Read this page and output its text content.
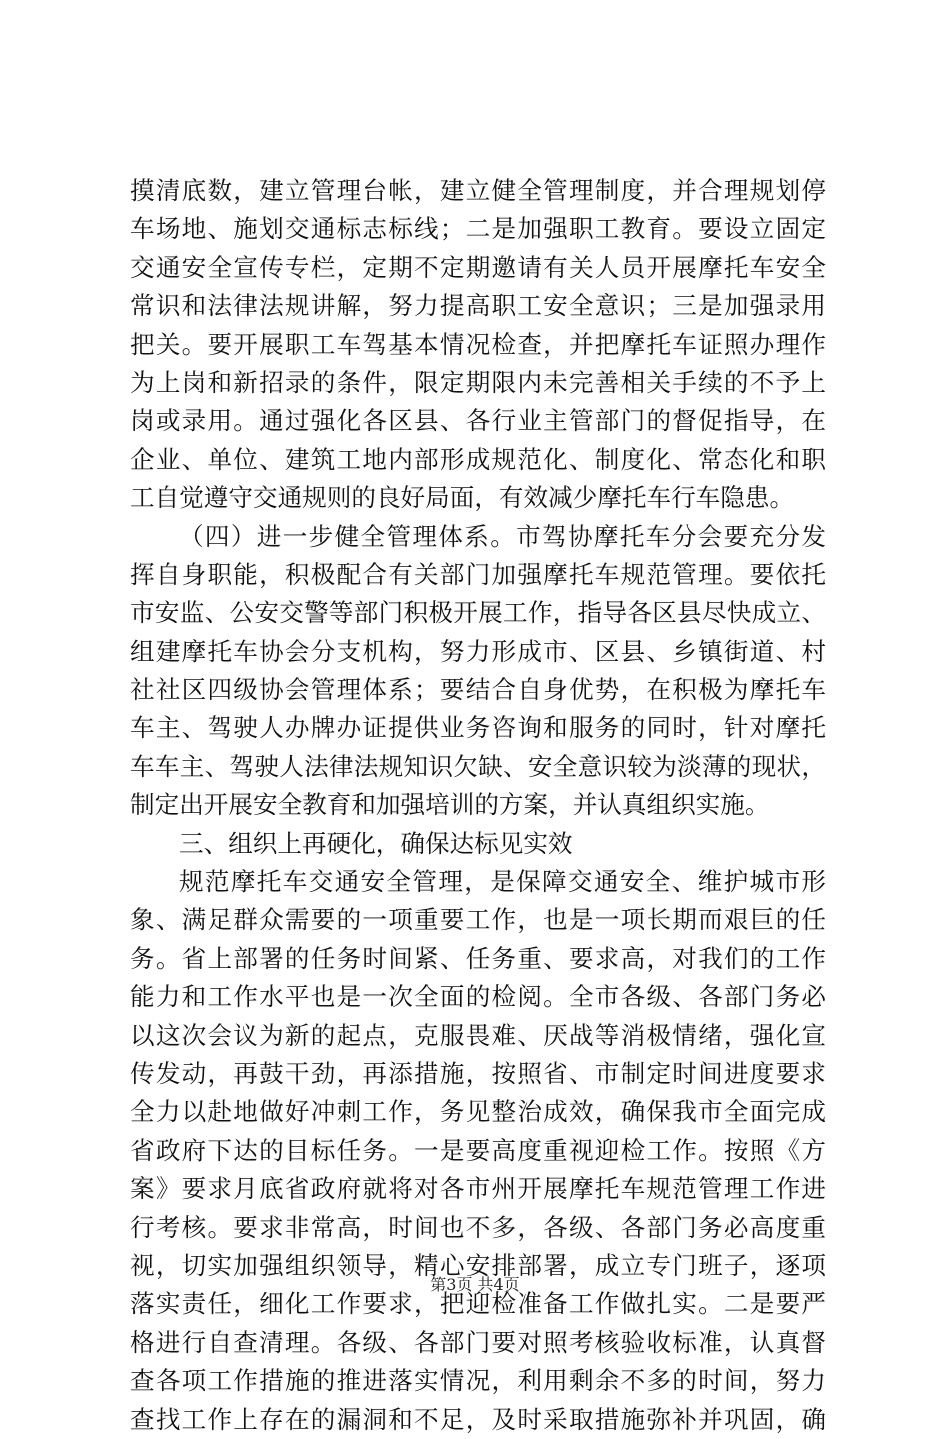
摸清底数，建立管理台帐，建立健全管理制度，并合理规划停
车场地、施划交通标志标线；二是加强职工教育。要设立固定
交通安全宣传专栏，定期不定期邀请有关人员开展摩托车安全
常识和法律法规讲解，努力提高职工安全意识；三是加强录用
把关。要开展职工车驾基本情况检查，并把摩托车证照办理作
为上岗和新招录的条件，限定期限内未完善相关手续的不予上
岗或录用。通过强化各区县、各行业主管部门的督促指导，在
企业、单位、建筑工地内部形成规范化、制度化、常态化和职
工自觉遵守交通规则的良好局面，有效减少摩托车行车隐患。
（四）进一步健全管理体系。市驾协摩托车分会要充分发
挥自身职能，积极配合有关部门加强摩托车规范管理。要依托
市安监、公安交警等部门积极开展工作，指导各区县尽快成立、
组建摩托车协会分支机构，努力形成市、区县、乡镇街道、村
社社区四级协会管理体系；要结合自身优势，在积极为摩托车
车主、驾驶人办牌办证提供业务咨询和服务的同时，针对摩托
车车主、驾驶人法律法规知识欠缺、安全意识较为淡薄的现状，
制定出开展安全教育和加强培训的方案，并认真组织实施。
三、组织上再硬化，确保达标见实效
规范摩托车交通安全管理，是保障交通安全、维护城市形
象、满足群众需要的一项重要工作，也是一项长期而艰巨的任
务。省上部署的任务时间紧、任务重、要求高，对我们的工作
能力和工作水平也是一次全面的检阅。全市各级、各部门务必
以这次会议为新的起点，克服畏难、厌战等消极情绪，强化宣
传发动，再鼓干劲，再添措施，按照省、市制定时间进度要求
全力以赴地做好冲刺工作，务见整治成效，确保我市全面完成
省政府下达的目标任务。一是要高度重视迎检工作。按照《方
案》要求月底省政府就将对各市州开展摩托车规范管理工作进
行考核。要求非常高，时间也不多，各级、各部门务必高度重
视，切实加强组织领导，精心安排部署，成立专门班子，逐项
落实责任，细化工作要求，把迎检准备工作做扎实。二是要严
格进行自查清理。各级、各部门要对照考核验收标准，认真督
查各项工作措施的推进落实情况，利用剩余不多的时间，努力
查找工作上存在的漏洞和不足，及时采取措施弥补并巩固，确
第3页 共4页
